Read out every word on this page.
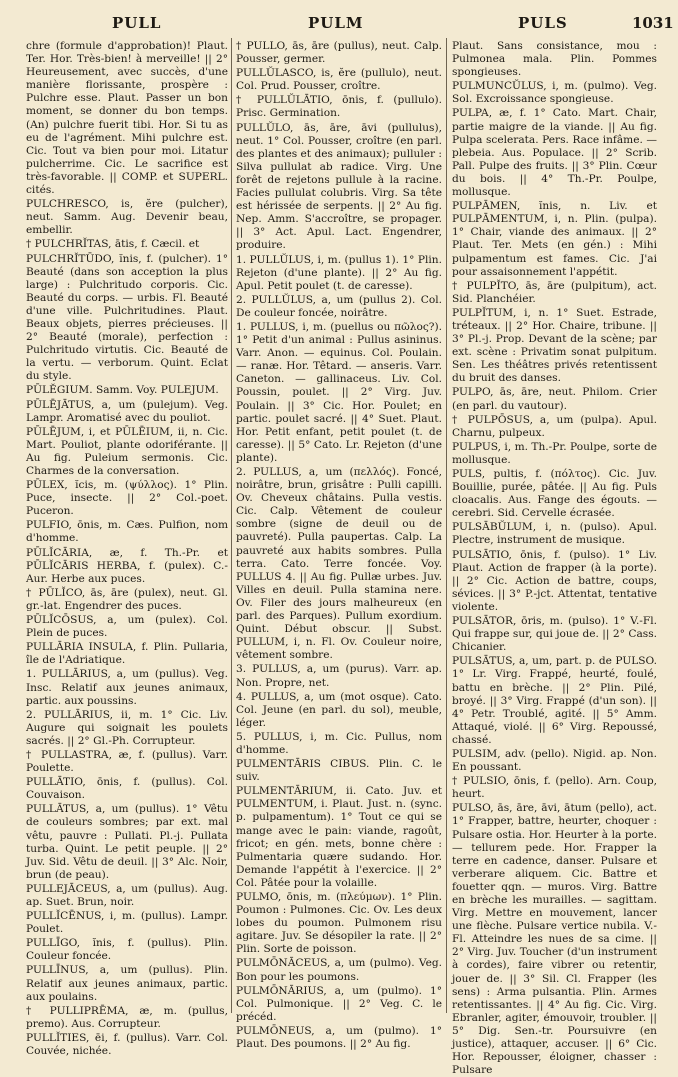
PULL	PULM	PULS	1031

chre (formule d'approbation)! Plaut. Ter. Hor. Très-bien! à merveille! || 2° Heureusement, avec succès, d'une manière florissante, prospère : Pulchre esse. Plaut. Passer un bon moment, se donner du bon temps. (An) pulchre fuerit tibi. Hor. Si tu as eu de l'agrément. Mihi pulchre est. Cic. Tout va bien pour moi. Litatur pulcherrime. Cic. Le sacrifice est très-favorable. || COMP. et SUPERL. cités.

PULCHRESCO, is, ĕre (pulcher), neut. Samm. Aug. Devenir beau, embellir.

† PULCHRĬTAS, ātis, f. Cæcil. et

PULCHRĬTŪDO, ĭnis, f. (pulcher). 1° Beauté (dans son acception la plus large) : Pulchritudo corporis. Cic. Beauté du corps. — urbis. Fl. Beauté d'une ville. Pulchritudines. Plaut. Beaux objets, pierres précieuses. || 2° Beauté (morale), perfection : Pulchritudo virtutis. Cic. Beauté de la vertu. — verborum. Quint. Eclat du style.

PŪLĔGIUM. Samm. Voy. PULEJUM.

PŪLĒJĀTUS, a, um (pulejum). Veg. Lampr. Aromatisé avec du pouliot.

PŪLĒJUM, i, et PŪLĒIUM, ii, n. Cic. Mart. Pouliot, plante odoriférante. || Au fig. Puleium sermonis. Cic. Charmes de la conversation.

PŪLEX, ĭcis, m. (ψύλλος). 1° Plin. Puce, insecte. || 2° Col.-poet. Puceron.

PULFIO, ōnis, m. Cæs. Pulfion, nom d'homme.

PŪLĬCĀRIA, æ, f. Th.-Pr. et PŪLĬCĀRIS HERBA, f. (pulex). C.-Aur. Herbe aux puces.

† PŪLĬCO, ās, āre (pulex), neut. Gl. gr.-lat. Engendrer des puces.

PŪLĬCŌSUS, a, um (pulex). Col. Plein de puces.

PULLĀRIA INSULA, f. Plin. Pullaria, île de l'Adriatique.

1. PULLĀRIUS, a, um (pullus). Veg. Insc. Relatif aux jeunes animaux, partic. aux poussins.

2. PULLĀRIUS, ii, m. 1° Cic. Liv. Augure qui soignait les poulets sacrés. || 2° Gl.-Ph. Corrupteur.

† PULLASTRA, æ, f. (pullus). Varr. Poulette.

PULLĀTIO, ōnis, f. (pullus). Col. Couvaison.

PULLĀTUS, a, um (pullus). 1° Vêtu de couleurs sombres; par ext. mal vêtu, pauvre : Pullati. Pl.-j. Pullata turba. Quint. Le petit peuple. || 2° Juv. Sid. Vêtu de deuil. || 3° Alc. Noir, brun (de peau).

PULLEJĀCEUS, a, um (pullus). Aug. ap. Suet. Brun, noir.

PULLĬCĒNUS, i, m. (pullus). Lampr. Poulet.

PULLĪGO, ĭnis, f. (pullus). Plin. Couleur foncée.

PULLĪNUS, a, um (pullus). Plin. Relatif aux jeunes animaux, partic. aux poulains.

† PULLIPRĒMA, æ, m. (pullus, premo). Aus. Corrupteur.

PULLĬTIES, ēi, f. (pullus). Varr. Col. Couvée, nichée.

† PULLO, ās, āre (pullus), neut. Calp. Pousser, germer.

PULLŬLASCO, is, ĕre (pullulo), neut. Col. Prud. Pousser, croître.

† PULLŬLĀTIO, ōnis, f. (pullulo). Prisc. Germination.

PULLŬLO, ās, āre, āvi (pullulus), neut. 1° Col. Pousser, croître (en parl. des plantes et des animaux); pulluler : Silva pullulat ab radice. Virg. Une forêt de rejetons pullule à la racine. Facies pullulat colubris. Virg. Sa tête est hérissée de serpents. || 2° Au fig. Nep. Amm. S'accroître, se propager. || 3° Act. Apul. Lact. Engendrer, produire.

1. PULLŬLUS, i, m. (pullus 1). 1° Plin. Rejeton (d'une plante). || 2° Au fig. Apul. Petit poulet (t. de caresse).

2. PULLŬLUS, a, um (pullus 2). Col. De couleur foncée, noirâtre.

1. PULLUS, i, m. (puellus ou πῶλος?). 1° Petit d'un animal : Pullus asininus. Varr. Anon. — equinus. Col. Poulain. — ranæ. Hor. Têtard. — anseris. Varr. Caneton. — gallinaceus. Liv. Col. Poussin, poulet. || 2° Virg. Juv. Poulain. || 3° Cic. Hor. Poulet; en partic. poulet sacré. || 4° Suet. Plaut. Hor. Petit enfant, petit poulet (t. de caresse). || 5° Cato. Lr. Rejeton (d'une plante).

2. PULLUS, a, um (πελλός). Foncé, noirâtre, brun, grisâtre : Pulli capilli. Ov. Cheveux châtains. Pulla vestis. Cic. Calp. Vêtement de couleur sombre (signe de deuil ou de pauvreté). Pulla paupertas. Calp. La pauvreté aux habits sombres. Pulla terra. Cato. Terre foncée. Voy. PULLUS 4. || Au fig. Pullæ urbes. Juv. Villes en deuil. Pulla stamina nere. Ov. Filer des jours malheureux (en parl. des Parques). Pullum exordium. Quint. Début obscur. || Subst. PULLUM, i, n. Fl. Ov. Couleur noire, vêtement sombre.

3. PULLUS, a, um (purus). Varr. ap. Non. Propre, net.

4. PULLUS, a, um (mot osque). Cato. Col. Jeune (en parl. du sol), meuble, léger.

5. PULLUS, i, m. Cic. Pullus, nom d'homme.

PULMENTĀRIS CIBUS. Plin. C. le suiv.

PULMENTĀRIUM, ii. Cato. Juv. et PULMENTUM, i. Plaut. Just. n. (sync. p. pulpamentum). 1° Tout ce qui se mange avec le pain: viande, ragoût, fricot; en gén. mets, bonne chère : Pulmentaria quære sudando. Hor. Demande l'appétit à l'exercice. || 2° Col. Pâtée pour la volaille.

PULMO, ōnis, m. (πλεύμων). 1° Plin. Poumon : Pulmones. Cic. Ov. Les deux lobes du poumon. Pulmonem risu agitare. Juv. Se désopiler la rate. || 2° Plin. Sorte de poisson.

PULMŌNĀCEUS, a, um (pulmo). Veg. Bon pour les poumons.

PULMŌNĀRIUS, a, um (pulmo). 1° Col. Pulmonique. || 2° Veg. C. le précéd.

PULMŌNEUS, a, um (pulmo). 1° Plaut. Des poumons. || 2° Au fig.

Plaut. Sans consistance, mou : Pulmonea mala. Plin. Pommes spongieuses.

PULMUNCŬLUS, i, m. (pulmo). Veg. Sol. Excroissance spongieuse.

PULPA, æ, f. 1° Cato. Mart. Chair, partie maigre de la viande. || Au fig. Pulpa scelerata. Pers. Race infâme. — plebeia. Aus. Populace. || 2° Scrib. Pall. Pulpe des fruits. || 3° Plin. Cœur du bois. || 4° Th.-Pr. Poulpe, mollusque.

PULPĀMEN, ĭnis, n. Liv. et PULPĀMENTUM, i, n. Plin. (pulpa). 1° Chair, viande des animaux. || 2° Plaut. Ter. Mets (en gén.) : Mihi pulpamentum est fames. Cic. J'ai pour assaisonnement l'appétit.

† PULPĬTO, ās, āre (pulpitum), act. Sid. Planchéier.

PULPĬTUM, i, n. 1° Suet. Estrade, tréteaux. || 2° Hor. Chaire, tribune. || 3° Pl.-j. Prop. Devant de la scène; par ext. scène : Privatim sonat pulpitum. Sen. Les théâtres privés retentissent du bruit des danses.

PULPO, ās, āre, neut. Philom. Crier (en parl. du vautour).

† PULPŌSUS, a, um (pulpa). Apul. Charnu, pulpeux.

PULPUS, i, m. Th.-Pr. Poulpe, sorte de mollusque.

PULS, pultis, f. (πόλτος). Cic. Juv. Bouillie, purée, pâtée. || Au fig. Puls cloacalis. Aus. Fange des égouts. — cerebri. Sid. Cervelle écrasée.

PULSĀBŬLUM, i, n. (pulso). Apul. Plectre, instrument de musique.

PULSĀTIO, ōnis, f. (pulso). 1° Liv. Plaut. Action de frapper (à la porte). || 2° Cic. Action de battre, coups, sévices. || 3° P.-jct. Attentat, tentative violente.

PULSĀTOR, ōris, m. (pulso). 1° V.-Fl. Qui frappe sur, qui joue de. || 2° Cass. Chicanier.

PULSĀTUS, a, um, part. p. de PULSO. 1° Lr. Virg. Frappé, heurté, foulé, battu en brèche. || 2° Plin. Pilé, broyé. || 3° Virg. Frappé (d'un son). || 4° Petr. Troublé, agité. || 5° Amm. Attaqué, violé. || 6° Virg. Repoussé, chassé.

PULSIM, adv. (pello). Nigid. ap. Non. En poussant.

† PULSIO, ōnis, f. (pello). Arn. Coup, heurt.

PULSO, ās, āre, āvi, ātum (pello), act. 1° Frapper, battre, heurter, choquer : Pulsare ostia. Hor. Heurter à la porte. — tellurem pede. Hor. Frapper la terre en cadence, danser. Pulsare et verberare aliquem. Cic. Battre et fouetter qqn. — muros. Virg. Battre en brèche les murailles. — sagittam. Virg. Mettre en mouvement, lancer une flèche. Pulsare vertice nubila. V.-Fl. Atteindre les nues de sa cime. || 2° Virg. Juv. Toucher (d'un instrument à cordes), faire vibrer ou retentir, jouer de. || 3° Sil. Cl. Frapper (les sens) : Arma pulsantia. Plin. Armes retentissantes. || 4° Au fig. Cic. Virg. Ebranler, agiter, émouvoir, troubler. || 5° Dig. Sen.-tr. Poursuivre (en justice), attaquer, accuser. || 6° Cic. Hor. Repousser, éloigner, chasser : Pulsare
